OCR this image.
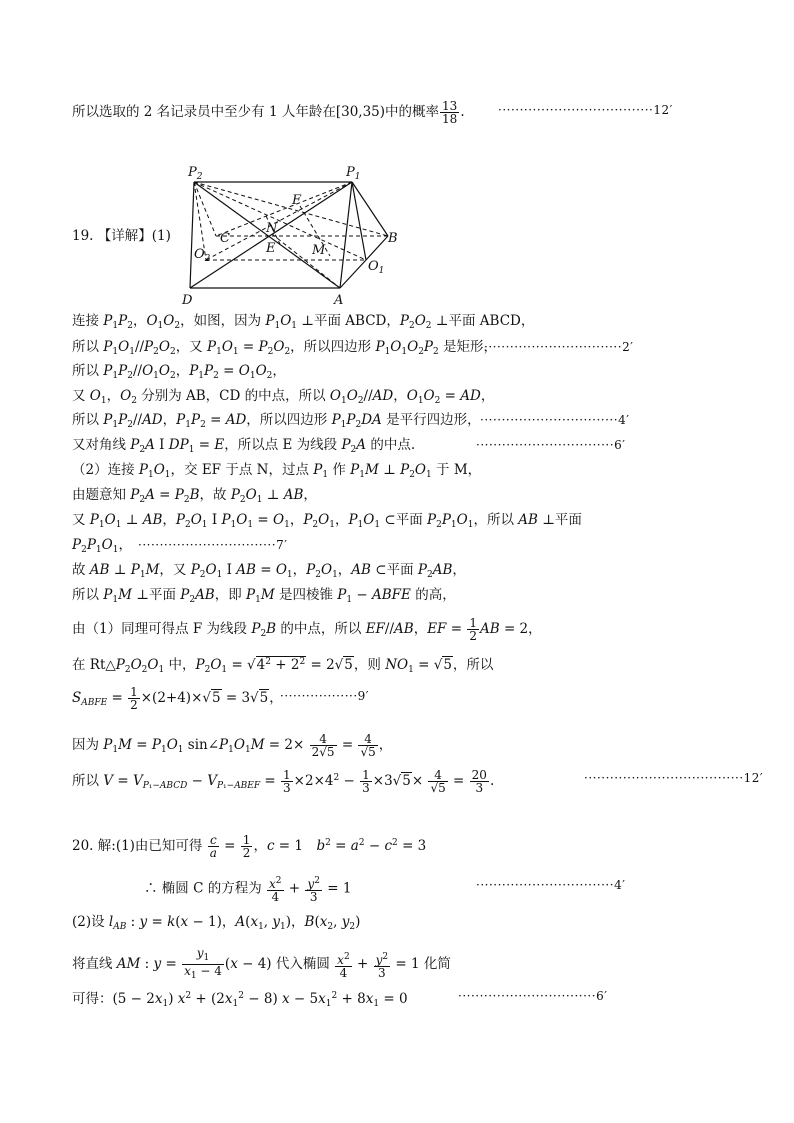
所以选取的 2 名记录员中至少有 1 人年龄在[30,35)中的概率 $\frac{13}{18}$ .	····································12′
19. 【详解】(1)
$P_2$	$P_1$
F
N
C	B
$O_2$
E	M
$O_1$
D	A
连接 $P_1P_2$，$O_1O_2$，如图，因为 $P_1O_1$ ⊥平面 ABCD，$P_2O_2$ ⊥平面 ABCD，
所以 $P_1O_1//P_2O_2$，又 $P_1O_1 = P_2O_2$，所以四边形 $P_1O_1O_2P_2$ 是矩形，
································2′
所以 $P_1P_2//O_1O_2$，$P_1P_2 = O_1O_2$，
又 $O_1$，$O_2$ 分别为 AB，CD 的中点，所以 $O_1O_2//AD$，$O_1O_2$ = AD，
所以 $P_1P_2//AD$，$P_1P_2$ = AD，所以四边形 $P_1P_2DA$ 是平行四边形， ································4′
又对角线 $P_2A$ I $DP_1 = E$，所以点 E 为线段 $P_2A$ 的中点.	································6′
（2）连接 $P_1O_1$，交 EF 于点 N，过点 $P_1$ 作 $P_1M$ ⊥ $P_2O_1$ 于 M，
由题意知 $P_2A = P_2B$，故 $P_2O_1$ ⊥ AB，
又 $P_1O_1$ ⊥ AB，$P_2O_1$ I $P_1O_1 = O_1$，$P_2O_1$，$P_1O_1$ ⊂平面 $P_2P_1O_1$，所以 AB ⊥平面
$P_2P_1O_1$， ································7′
故 AB ⊥ $P_1M$，又 $P_2O_1$ I AB = $O_1$，$P_2O_1$，AB ⊂平面 $P_2AB$，
所以 $P_1M$ ⊥平面 $P_2AB$，即 $P_1M$ 是四棱锥 $P_1$ − ABFE 的高，
由（1）同理可得点 F 为线段 $P_2B$ 的中点，所以 EF//AB，EF = $\frac{1}{2}$ AB = 2，
在 $Rt\triangle P_2O_2O_1$ 中，$P_2O_1 = √4^2 + 2^2 = 2√5$，则 $NO_1 = √5$，所以
$S_{ABFE} = \frac{1}{2} \times(2+4)\times√5 = 3√5$，
··················9′
因为 $P_1M = P_1O_1$ $\sin\angle P_1O_1M = 2\times \frac{4}{2√5} = \frac{4}{√5}$ ，
所以 $V = V_{P_1-ABCD} - V_{P_1-ABEF} = \frac{1}{3} \times 2\times 4^2 - \frac{1}{3} \times 3√5\times \frac{4}{√5} = \frac{20}{3}$ .	·····································12′
20. 解:(1)由已知可得 $\frac{c}{a} = \frac{1}{2}$ ，c = 1　$b^2 = a^2 - c^2 = 3$
∴ 椭圆 C 的方程为 $\frac{x^2}{4} + \frac{y^2}{3} = 1$	································4′
(2)设 $l_{AB}$ : y = k(x − 1)，$A(x_1$, $y_1$)，$B(x_2$, $y_2$)
将直线 AM : $y = \frac{y_1}{x_1 - 4} (x - 4)$ 代入椭圆 $\frac{x^2}{4} + \frac{y^2}{3} = 1$ 化简
可得：$(5 - 2x_1)$ $x^2 + (2x_1^2 - 8) x - 5x_1^2 + 8x_1 = 0$	································6′
